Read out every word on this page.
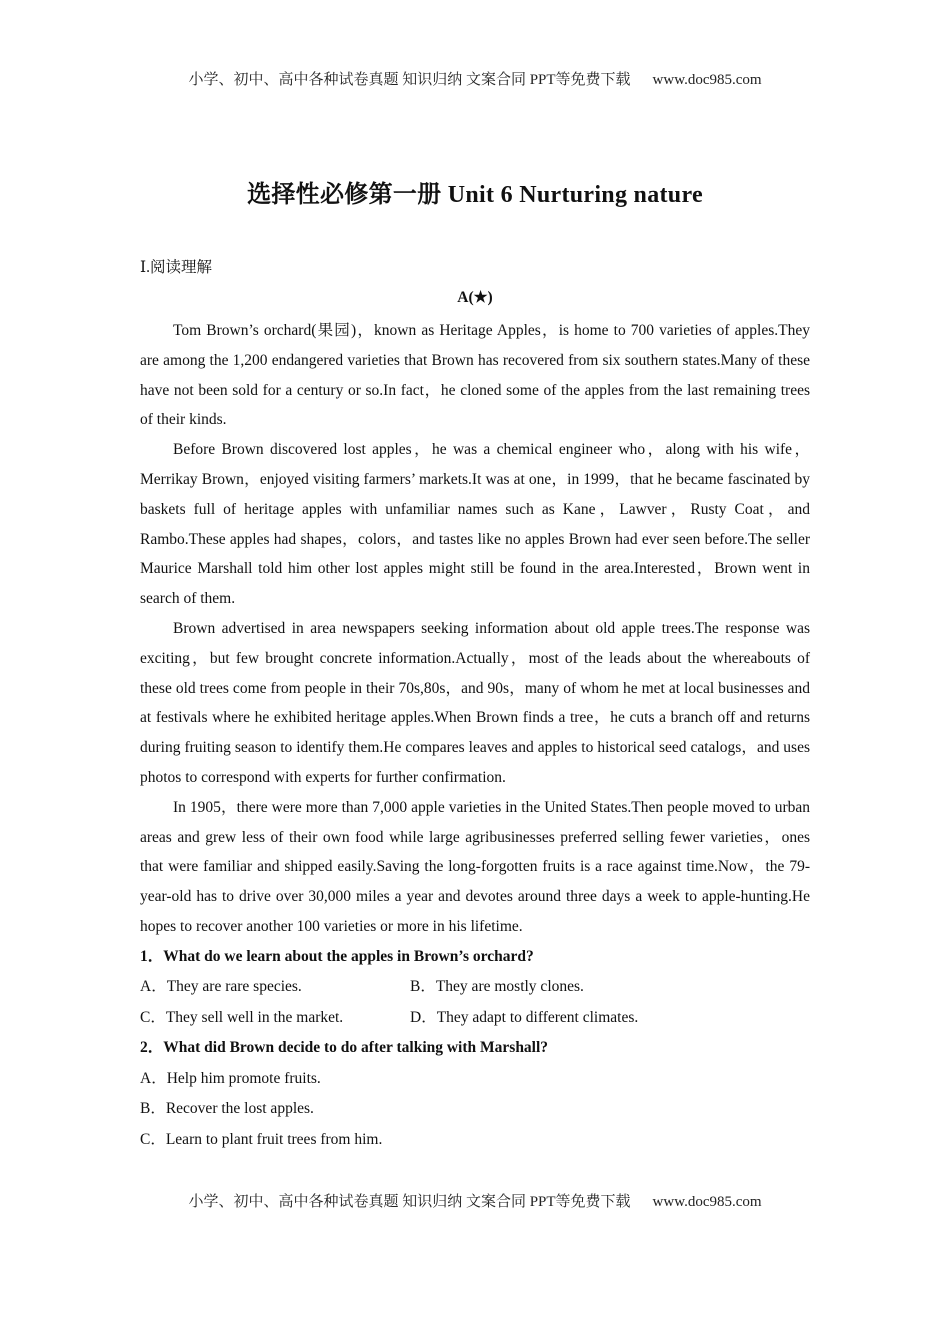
小学、初中、高中各种试卷真题 知识归纳 文案合同 PPT等免费下载 www.doc985.com
选择性必修第一册 Unit 6 Nurturing nature
Ⅰ.阅读理解
A(★)

Tom Brown’s orchard(果园)，known as Heritage Apples，is home to 700 varieties of apples.They are among the 1,200 endangered varieties that Brown has recovered from six southern states.Many of these have not been sold for a century or so.In fact，he cloned some of the apples from the last remaining trees of their kinds.

Before Brown discovered lost apples，he was a chemical engineer who，along with his wife，Merrikay Brown，enjoyed visiting farmers’ markets.It was at one，in 1999，that he became fascinated by baskets full of heritage apples with unfamiliar names such as Kane，Lawver，Rusty Coat，and Rambo.These apples had shapes，colors，and tastes like no apples Brown had ever seen before.The seller Maurice Marshall told him other lost apples might still be found in the area.Interested，Brown went in search of them.

Brown advertised in area newspapers seeking information about old apple trees.The response was exciting，but few brought concrete information.Actually，most of the leads about the whereabouts of these old trees come from people in their 70s,80s，and 90s，many of whom he met at local businesses and at festivals where he exhibited heritage apples.When Brown finds a tree，he cuts a branch off and returns during fruiting season to identify them.He compares leaves and apples to historical seed catalogs，and uses photos to correspond with experts for further confirmation.

In 1905，there were more than 7,000 apple varieties in the United States.Then people moved to urban areas and grew less of their own food while large agribusinesses preferred selling fewer varieties，ones that were familiar and shipped easily.Saving the long-forgotten fruits is a race against time.Now，the 79-year-old has to drive over 30,000 miles a year and devotes around three days a week to apple-hunting.He hopes to recover another 100 varieties or more in his lifetime.

1．What do we learn about the apples in Brown’s orchard?

A．They are rare species.	B．They are mostly clones.
C．They sell well in the market.	D．They adapt to different climates.

2．What did Brown decide to do after talking with Marshall?

A．Help him promote fruits.
B．Recover the lost apples.
C．Learn to plant fruit trees from him.
小学、初中、高中各种试卷真题 知识归纳 文案合同 PPT等免费下载 www.doc985.com
